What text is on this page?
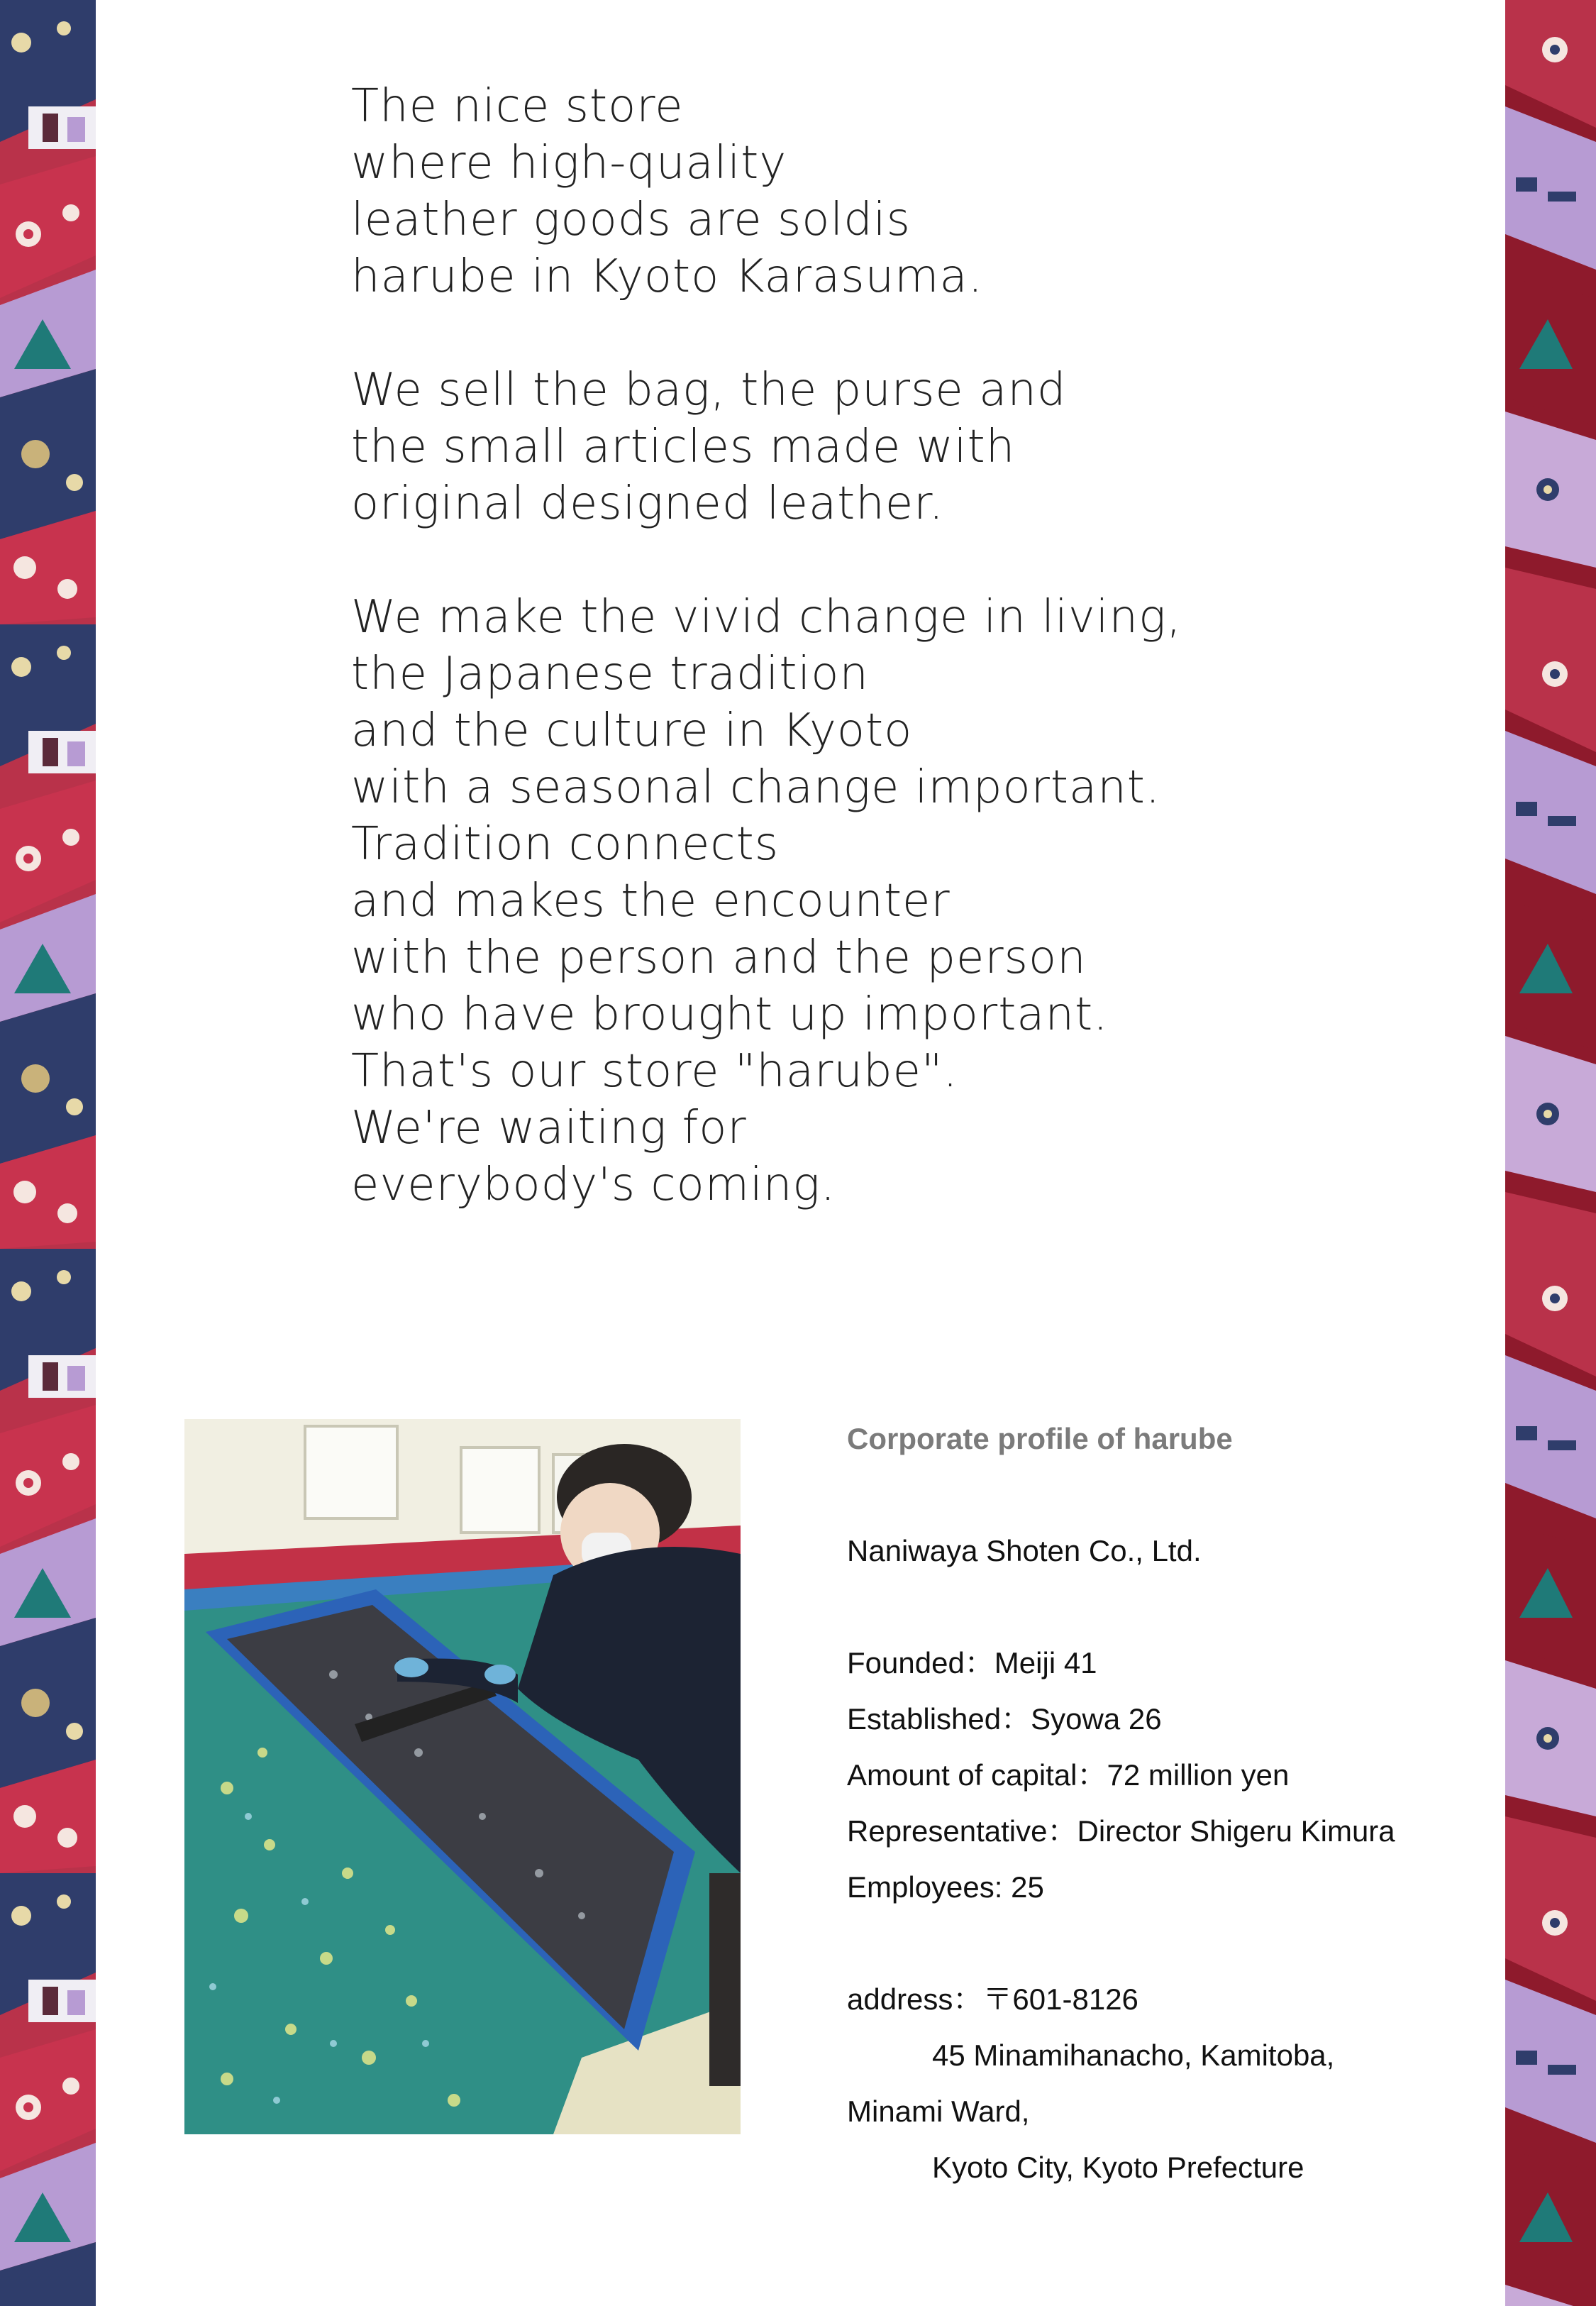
The nice store
where high-quality
leather goods are soldis
harube in Kyoto Karasuma.

We sell the bag, the purse and
the small articles made with
original designed leather.

We make the vivid change in living,
the Japanese tradition
and the culture in Kyoto
with a seasonal change important.
Tradition connects
and makes the encounter
with the person and the person
who have brought up important.
That's our store "harube".
We're waiting for
everybody's coming.

Corporate profile of harube
Naniwaya Shoten Co., Ltd.
Founded：Meiji 41
Established：Syowa 26
Amount of capital：72 million yen
Representative：Director Shigeru Kimura
Employees: 25
address：〒601-8126
45 Minamihanacho, Kamitoba,
Minami Ward,
Kyoto City, Kyoto Prefecture
